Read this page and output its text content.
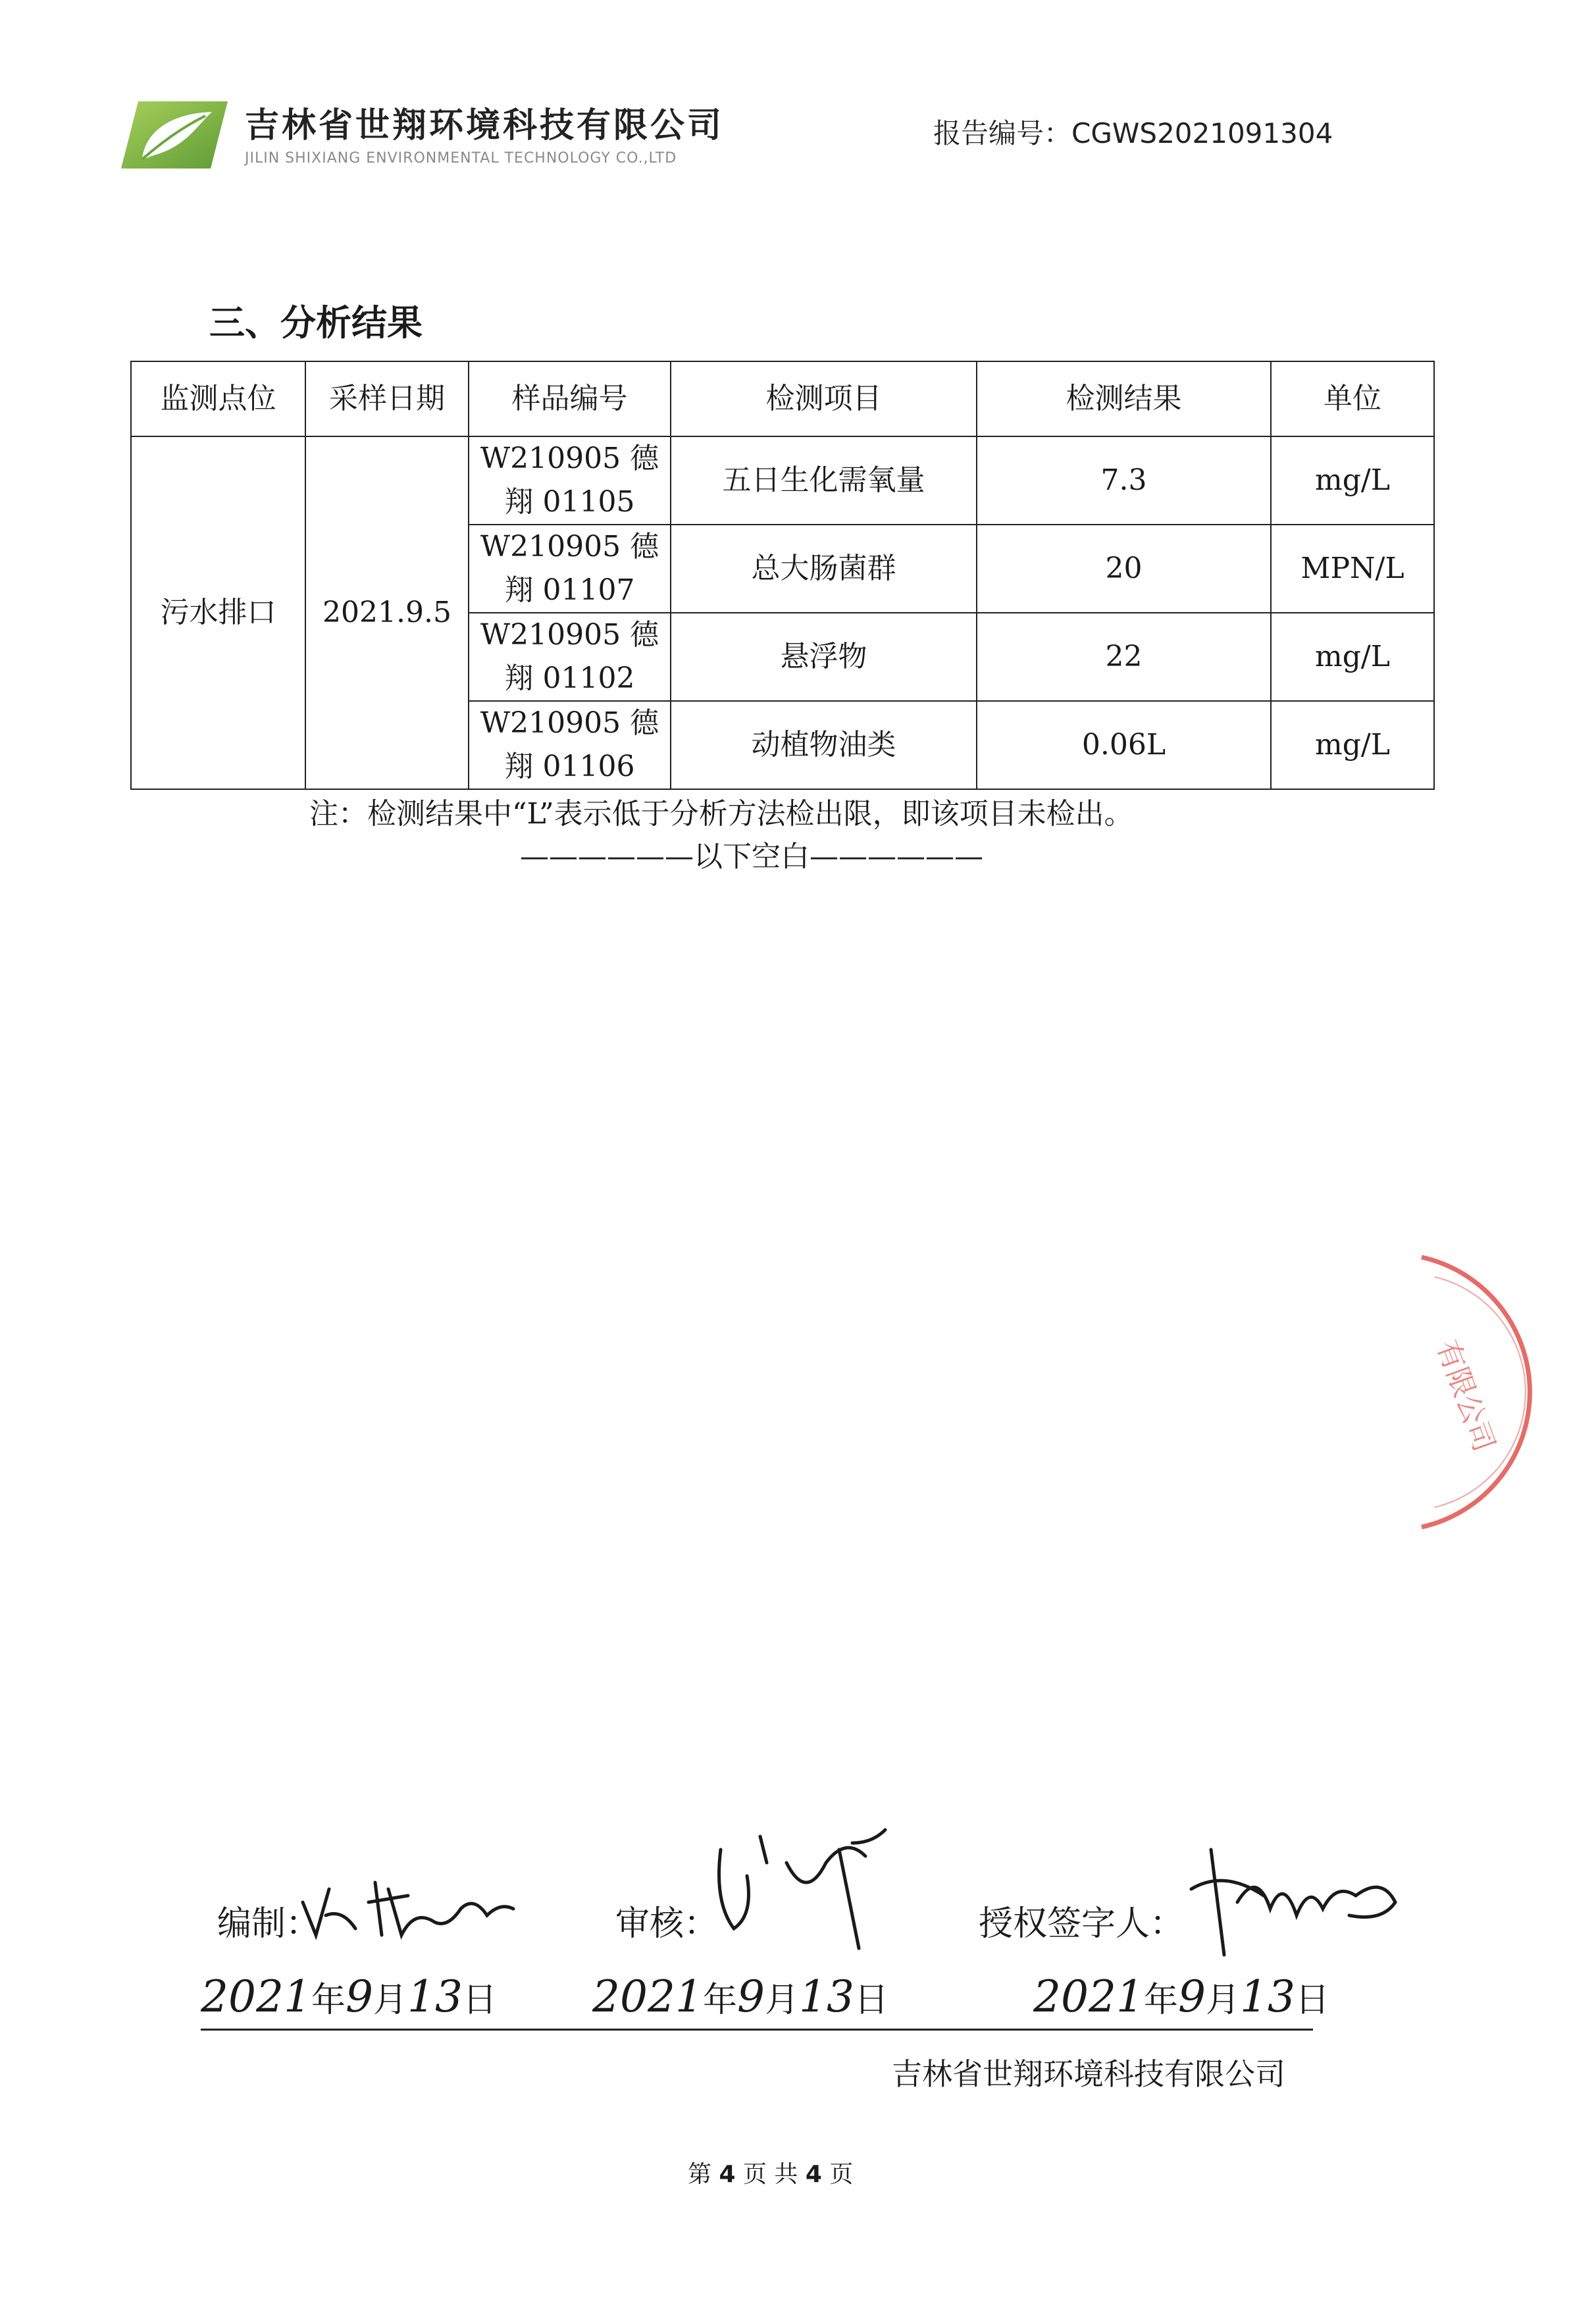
吉林省世翔环境科技有限公司
JILIN SHIXIANG ENVIRONMENTAL TECHNOLOGY CO.,LTD
报告编号：CGWS2021091304
三、分析结果
监测点位	采样日期	样品编号	检测项目	检测结果	单位
污水排口	2021.9.5	W210905 德翔 01105	五日生化需氧量	7.3	mg/L
		W210905 德翔 01107	总大肠菌群	20	MPN/L
		W210905 德翔 01102	悬浮物	22	mg/L
		W210905 德翔 01106	动植物油类	0.06L	mg/L
注：检测结果中“L”表示低于分析方法检出限，即该项目未检出。
——————以下空白——————
有限公司
编制：	审核：	授权签字人：
2021年9月13日 2021年9月13日	2021年9月13日
吉林省世翔环境科技有限公司
第 4 页 共 4 页
